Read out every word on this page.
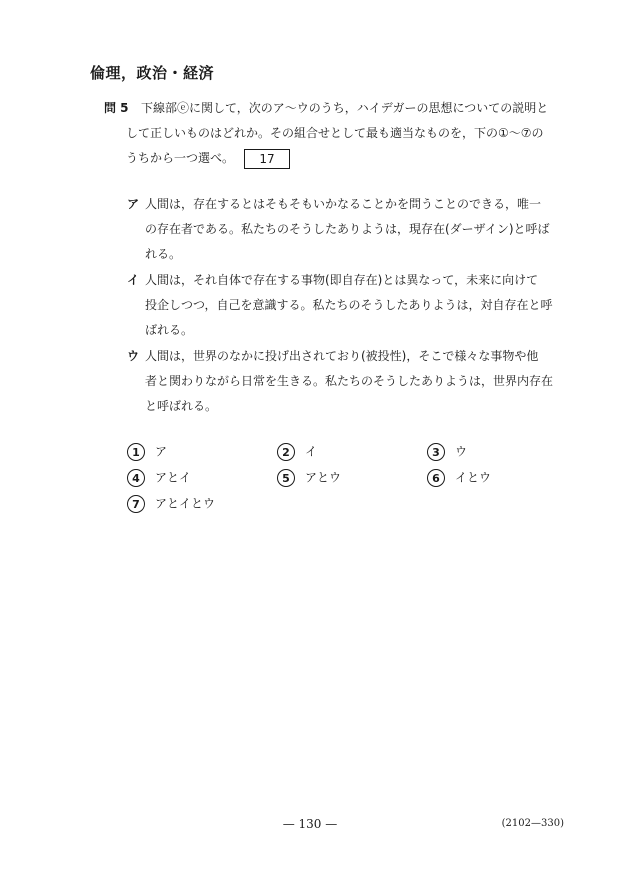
倫理，政治・経済
問 5 下線部ⓔに関して，次のア～ウのうち，ハイデガーの思想についての説明と
して正しいものはどれか。その組合せとして最も適当なものを，下の①～⑦の
うちから一つ選べ。 17
ア 人間は，存在するとはそもそもいかなることかを問うことのできる，唯一
の存在者である。私たちのそうしたありようは，現存在(ダーザイン)と呼ば
れる。
イ 人間は，それ自体で存在する事物(即自存在)とは異なって，未来に向けて
投企しつつ，自己を意識する。私たちのそうしたありようは，対自存在と呼
ばれる。
ウ 人間は，世界のなかに投げ出されており(被投性)，そこで様々な事物や他
者と関わりながら日常を生きる。私たちのそうしたありようは，世界内存在
と呼ばれる。
1 ア	2 イ	3 ウ
4 アとイ	5 アとウ	6 イとウ
7 アとイとウ
— 130 —	(2102—330)
